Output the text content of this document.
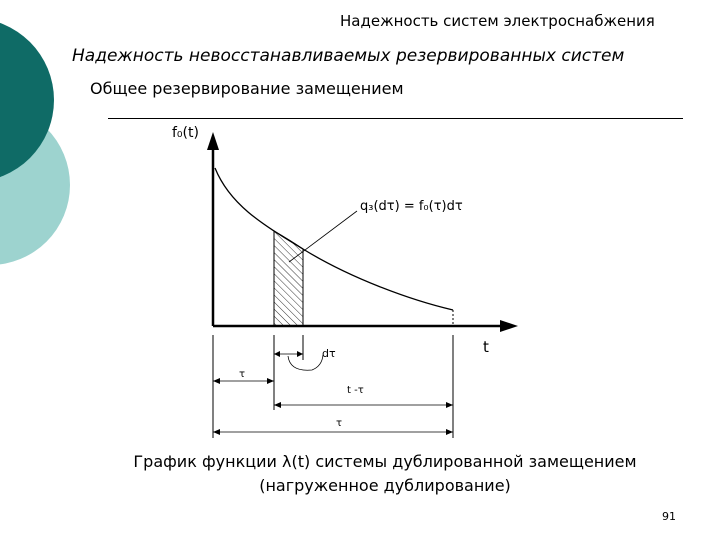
Надежность систем электроснабжения
Надежность невосстанавливаемых резервированных систем
Общее резервирование замещением
f₀(t)
t
q₃(dτ) = f₀(τ)dτ
dτ
τ
t -τ
τ
График функции λ(t) системы дублированной замещением
(нагруженное дублирование)
91
